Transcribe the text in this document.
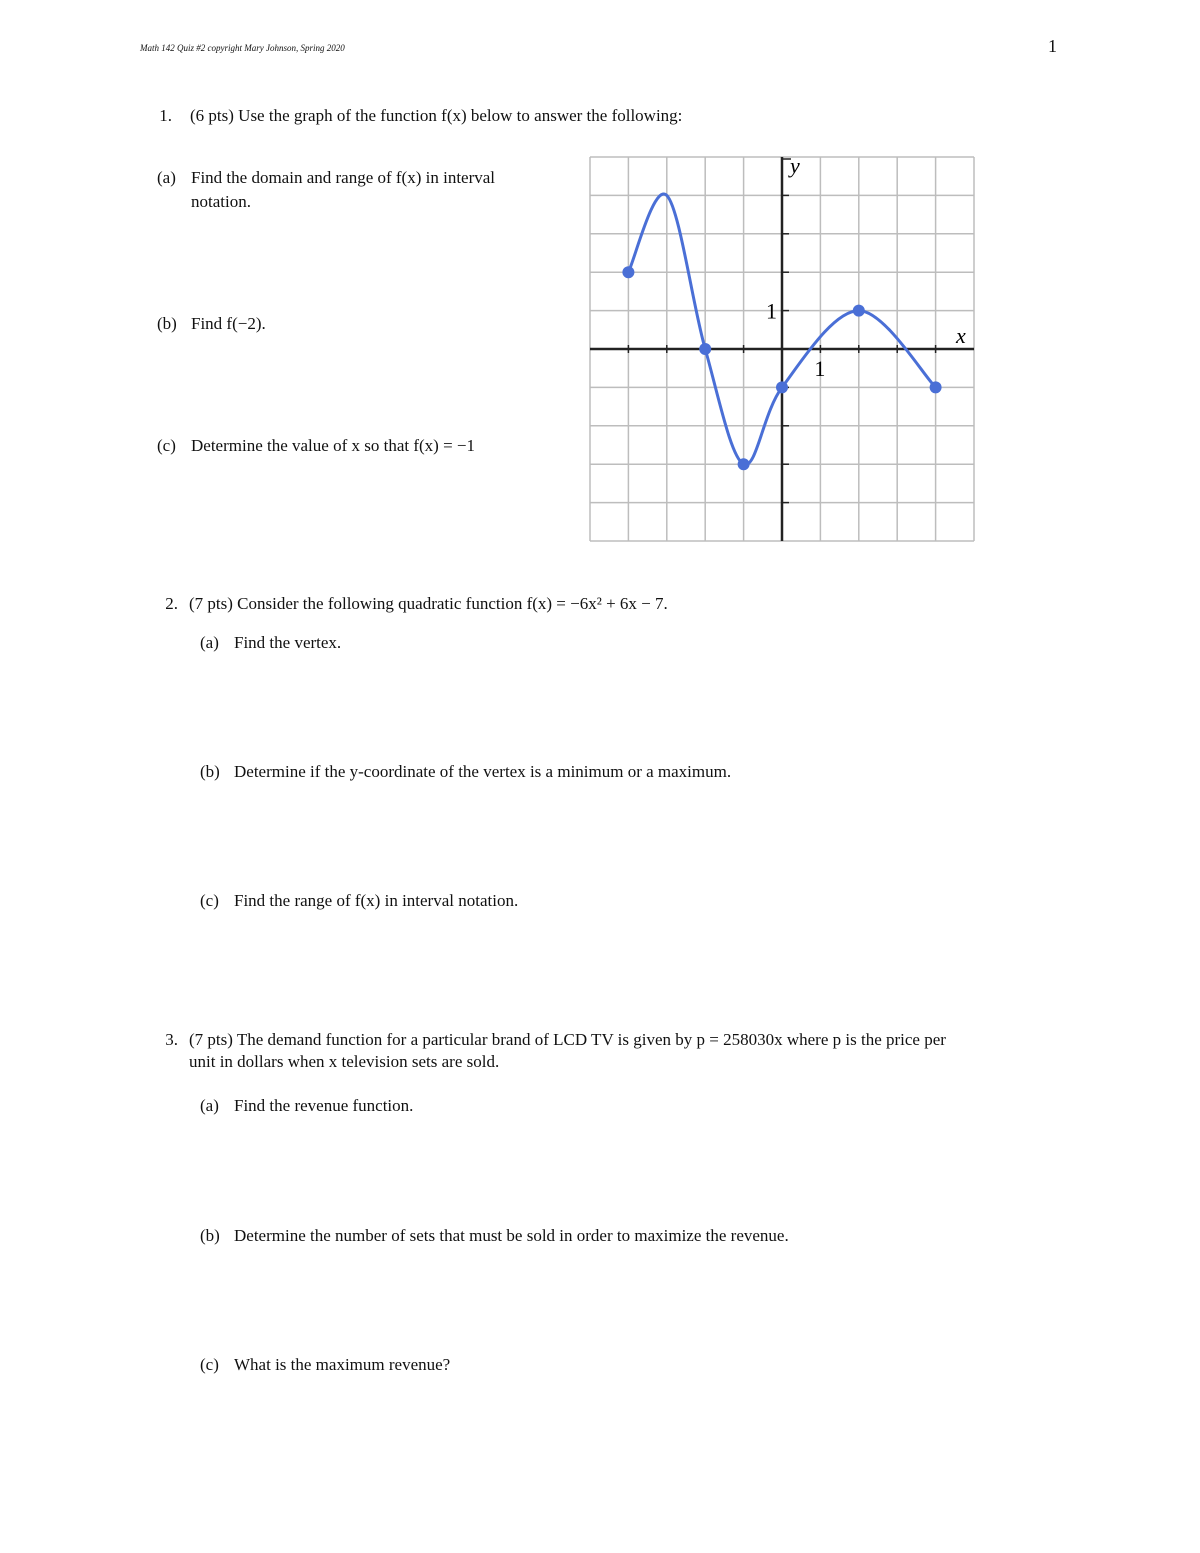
Math 142 Quiz #2 copyright Mary Johnson, Spring 2020	1
1. (6 pts) Use the graph of the function f(x) below to answer the following:
(a) Find the domain and range of f(x) in interval
notation.
(b) Find f(−2).
(c) Determine the value of x so that f(x) = −1
x
y
1
1
2. (7 pts) Consider the following quadratic function f(x) = −6x² + 6x − 7.
(a) Find the vertex.
(b) Determine if the y-coordinate of the vertex is a minimum or a maximum.
(c) Find the range of f(x) in interval notation.
3. (7 pts) The demand function for a particular brand of LCD TV is given by p = 258030x where p is the price per
unit in dollars when x television sets are sold.
(a) Find the revenue function.
(b) Determine the number of sets that must be sold in order to maximize the revenue.
(c) What is the maximum revenue?
